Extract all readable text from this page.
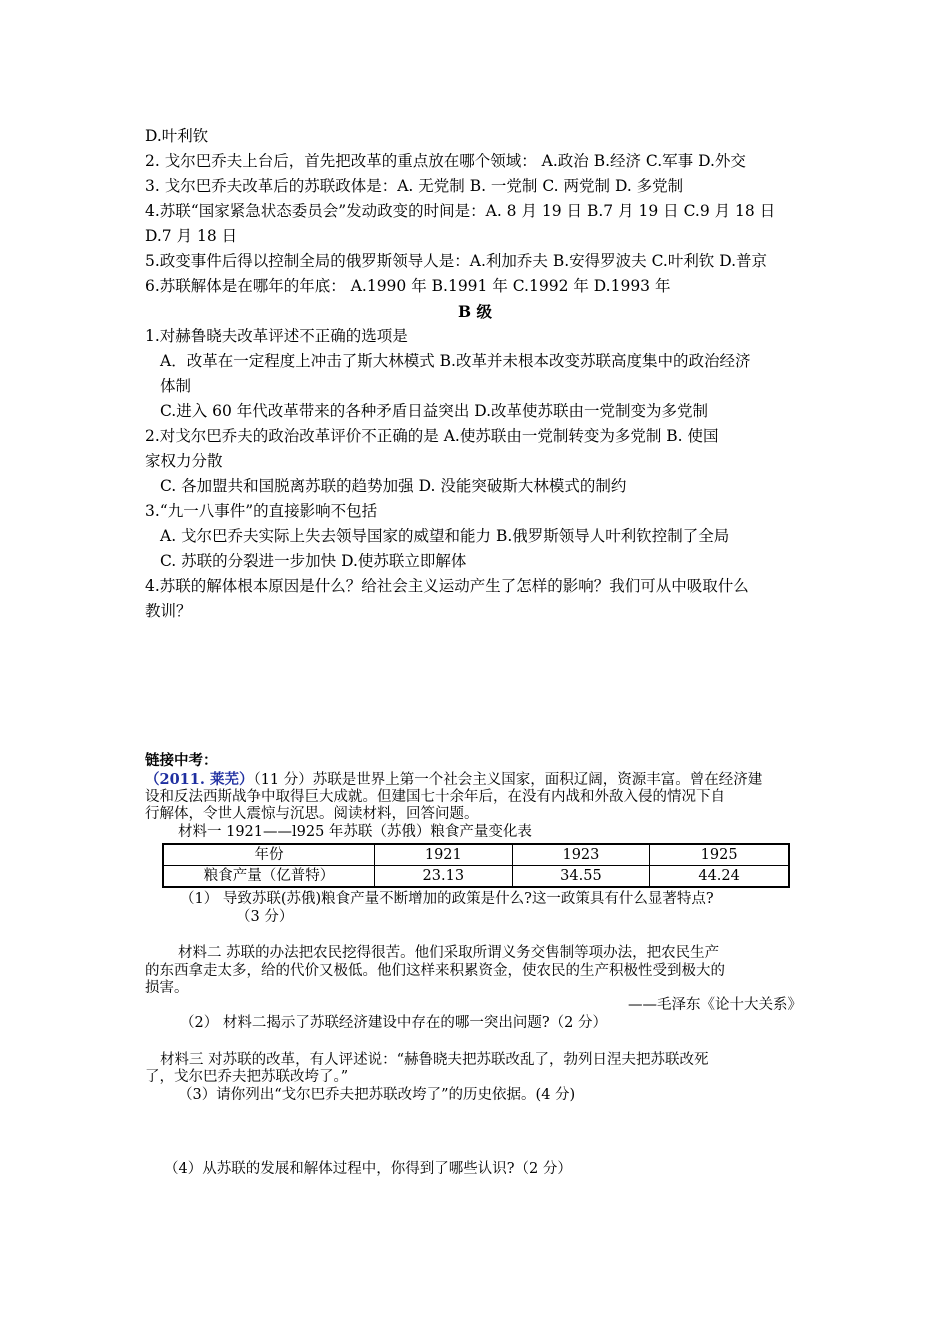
D.叶利钦
2. 戈尔巴乔夫上台后，首先把改革的重点放在哪个领域： A.政治 B.经济 C.军事 D.外交
3. 戈尔巴乔夫改革后的苏联政体是：A. 无党制 B. 一党制 C. 两党制 D. 多党制
4.苏联“国家紧急状态委员会”发动政变的时间是：A. 8 月 19 日 B.7 月 19 日 C.9 月 18 日
D.7 月 18 日
5.政变事件后得以控制全局的俄罗斯领导人是：A.利加乔夫 B.安得罗波夫 C.叶利钦 D.普京
6.苏联解体是在哪年的年底： A.1990 年 B.1991 年 C.1992 年 D.1993 年
B 级
1.对赫鲁晓夫改革评述不正确的选项是
A．改革在一定程度上冲击了斯大林模式 B.改革并未根本改变苏联高度集中的政治经济
体制
C.进入 60 年代改革带来的各种矛盾日益突出 D.改革使苏联由一党制变为多党制
2.对戈尔巴乔夫的政治改革评价不正确的是 A.使苏联由一党制转变为多党制 B. 使国
家权力分散
C. 各加盟共和国脱离苏联的趋势加强 D. 没能突破斯大林模式的制约
3.“九一八事件”的直接影响不包括
A. 戈尔巴乔夫实际上失去领导国家的威望和能力 B.俄罗斯领导人叶利钦控制了全局
C. 苏联的分裂进一步加快 D.使苏联立即解体
4.苏联的解体根本原因是什么？给社会主义运动产生了怎样的影响？我们可从中吸取什么
教训？
链接中考：
（2011. 莱芜）（11 分）苏联是世界上第一个社会主义国家，面积辽阔，资源丰富。曾在经济建
设和反法西斯战争中取得巨大成就。但建国七十余年后，在没有内战和外敌入侵的情况下自
行解体，令世人震惊与沉思。阅读材料，回答问题。
材料一 1921——l925 年苏联（苏俄）粮食产量变化表
年份	1921	1923	1925
粮食产量（亿普特）	23.13	34.55	44.24
（1） 导致苏联(苏俄)粮食产量不断增加的政策是什么?这一政策具有什么显著特点?
（3 分）
材料二 苏联的办法把农民挖得很苦。他们采取所谓义务交售制等项办法，把农民生产
的东西拿走太多，给的代价又极低。他们这样来积累资金，使农民的生产积极性受到极大的
损害。
——毛泽东《论十大关系》
（2） 材料二揭示了苏联经济建设中存在的哪一突出问题?（2 分）
材料三 对苏联的改革，有人评述说：“赫鲁晓夫把苏联改乱了，勃列日涅夫把苏联改死
了，戈尔巴乔夫把苏联改垮了。”
（3）请你列出“戈尔巴乔夫把苏联改垮了”的历史依据。(4 分)
（4）从苏联的发展和解体过程中，你得到了哪些认识?（2 分）
